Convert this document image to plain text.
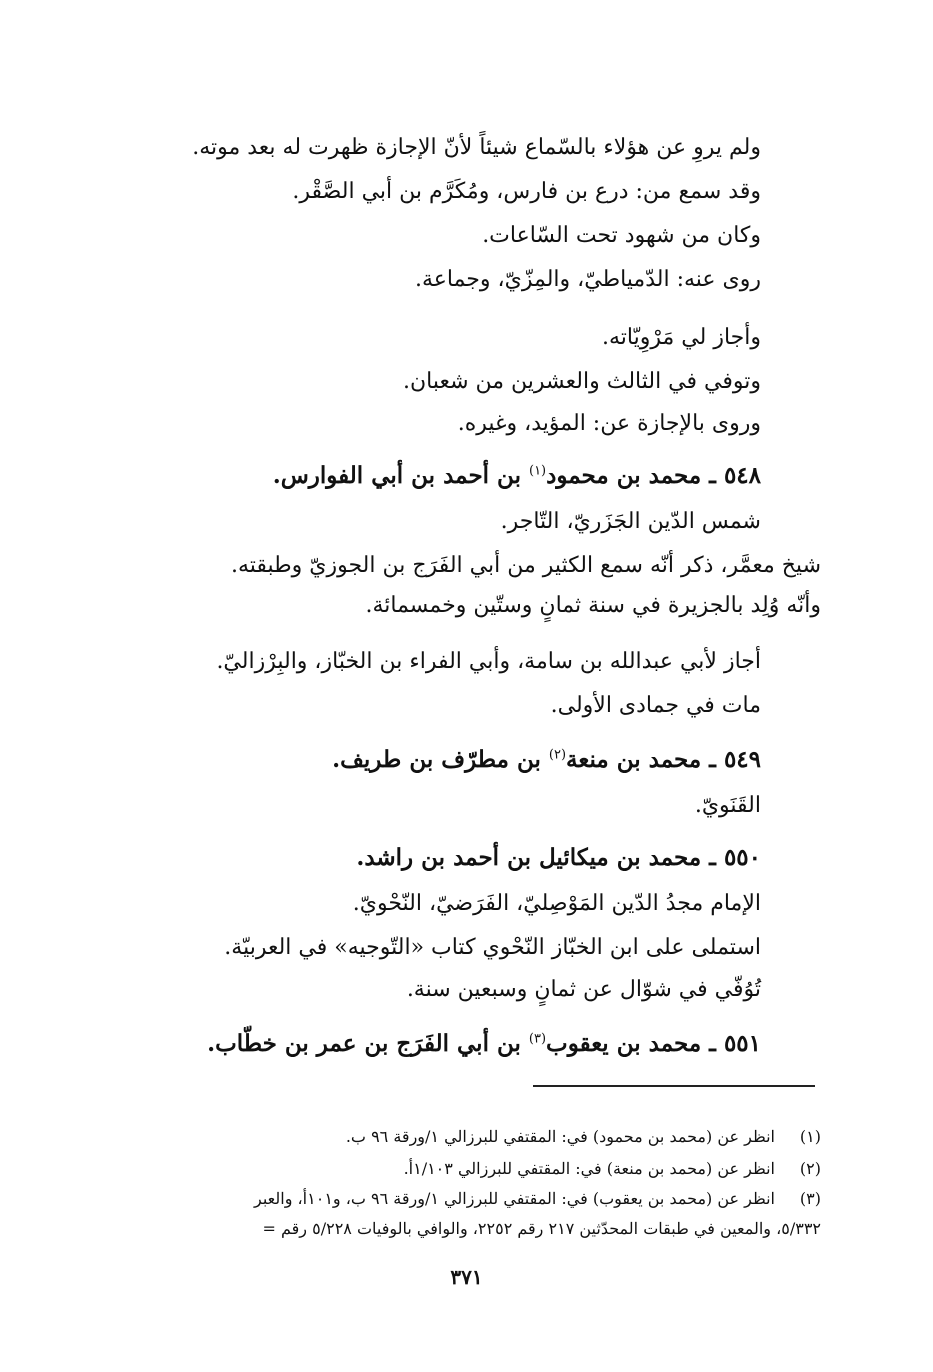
ولم يروِ عن هؤلاء بالسّماع شيئاً لأنّ الإجازة ظهرت له بعد موته.
وقد سمع من: درع بن فارس، ومُكَرَّم بن أبي الصَّقْر.
وكان من شهود تحت السّاعات.
روى عنه: الدّمياطيّ، والمِزّيّ، وجماعة.
وأجاز لي مَرْوِيّاته.
وتوفي في الثالث والعشرين من شعبان.
وروى بالإجازة عن: المؤيد، وغيره.
٥٤٨ ـ محمد بن محمود$^{(١)}$ بن أحمد بن أبي الفوارس.
شمس الدّين الجَزَريّ، التّاجر.
شيخ معمَّر، ذكر أنّه سمع الكثير من أبي الفَرَج بن الجوزيّ وطبقته.
وأنّه وُلِد بالجزيرة في سنة ثمانٍ وستّين وخمسمائة.
أجاز لأبي عبدالله بن سامة، وأبي الفراء بن الخبّاز، والبِرْزاليّ.
مات في جمادى الأولى.
٥٤٩ ـ محمد بن منعة$^{(٢)}$ بن مطرّف بن طريف.
القَنَويّ.
٥٥٠ ـ محمد بن ميكائيل بن أحمد بن راشد.
الإمام مجدُ الدّين المَوْصِليّ، الفَرَضيّ، النّحْويّ.
استملى على ابن الخبّاز النّحْوي كتاب «التّوجيه» في العربيّة.
تُوُفّي في شوّال عن ثمانٍ وسبعين سنة.
٥٥١ ـ محمد بن يعقوب$^{(٣)}$ بن أبي الفَرَج بن عمر بن خطّاب.
(١)انظر عن (محمد بن محمود) في: المقتفي للبرزالي ١/ورقة ٩٦ ب.
(٢)انظر عن (محمد بن منعة) في: المقتفي للبرزالي ١/١٠٣أ.
(٣)انظر عن (محمد بن يعقوب) في: المقتفي للبرزالي ١/ورقة ٩٦ ب، و١٠١أ، والعبر
٥/٣٣٢، والمعين في طبقات المحدّثين ٢١٧ رقم ٢٢٥٢، والوافي بالوفيات ٥/٢٢٨ رقم =
٣٧١
